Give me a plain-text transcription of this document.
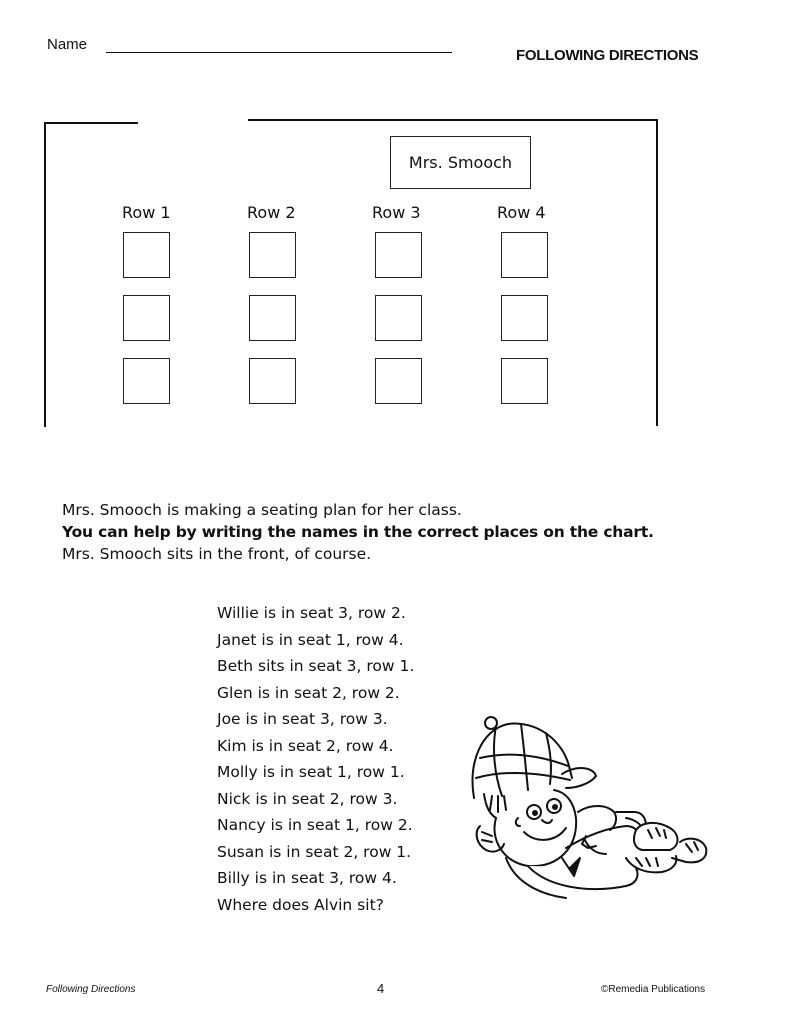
Name
FOLLOWING DIRECTIONS
Mrs. Smooch
Row 1	Row 2	Row 3	Row 4
Mrs. Smooch is making a seating plan for her class.
You can help by writing the names in the correct places on the chart.
Mrs. Smooch sits in the front, of course.
Willie is in seat 3, row 2.
Janet is in seat 1, row 4.
Beth sits in seat 3, row 1.
Glen is in seat 2, row 2.
Joe is in seat 3, row 3.
Kim is in seat 2, row 4.
Molly is in seat 1, row 1.
Nick is in seat 2, row 3.
Nancy is in seat 1, row 2.
Susan is in seat 2, row 1.
Billy is in seat 3, row 4.
Where does Alvin sit?
Following Directions	4	©Remedia Publications
